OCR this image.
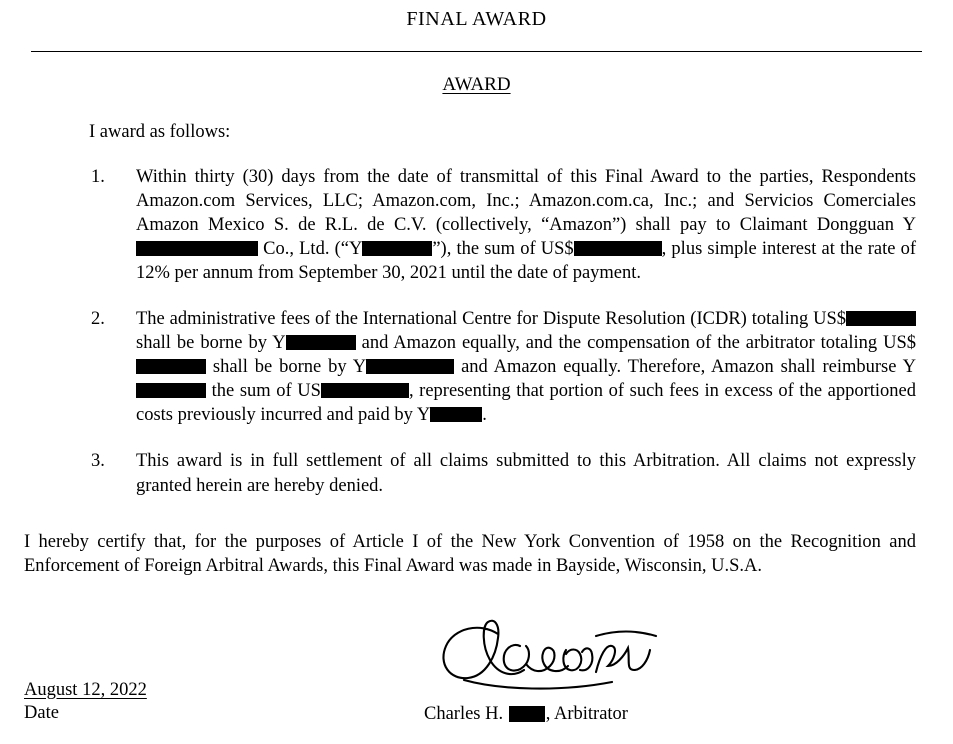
FINAL AWARD
AWARD
I award as follows:
1. Within thirty (30) days from the date of transmittal of this Final Award to the parties, Respondents Amazon.com Services, LLC; Amazon.com, Inc.; Amazon.com.ca, Inc.; and Servicios Comerciales Amazon Mexico S. de R.L. de C.V. (collectively, “Amazon”) shall pay to Claimant Dongguan Y Co., Ltd. (“Y	”), the sum of US$	, plus simple interest at the rate of 12% per annum from September 30, 2021 until the date of payment.
2. The administrative fees of the International Centre for Dispute Resolution (ICDR) totaling US$ shall be borne by Y	and Amazon equally, and the compensation of the arbitrator totaling US$ shall be borne by Y	and Amazon equally. Therefore, Amazon shall reimburse Y the sum of US	, representing that portion of such fees in excess of the apportioned costs previously incurred and paid by Y	.
3. This award is in full settlement of all claims submitted to this Arbitration. All claims not expressly granted herein are hereby denied.
I hereby certify that, for the purposes of Article I of the New York Convention of 1958 on the Recognition and Enforcement of Foreign Arbitral Awards, this Final Award was made in Bayside, Wisconsin, U.S.A.
August 12, 2022
Date	Charles H. , Arbitrator
